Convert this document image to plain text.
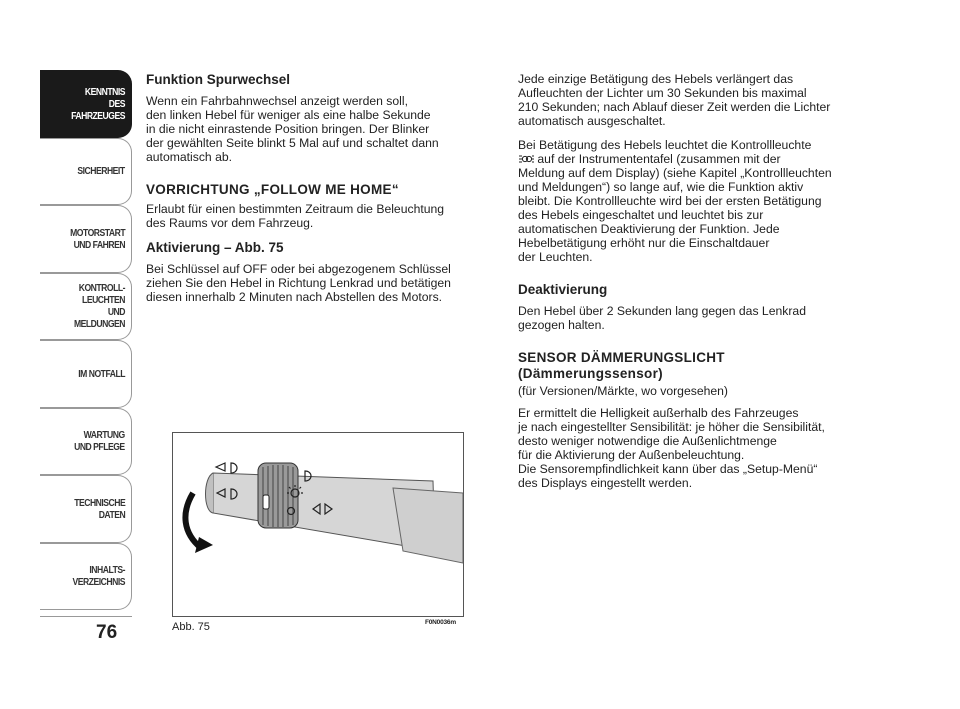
KENNTNIS
DES FAHRZEUGES
SICHERHEIT
MOTORSTART
UND FAHREN
KONTROLL-
LEUCHTEN
UND MELDUNGEN
IM NOTFALL
WARTUNG
UND PFLEGE
TECHNISCHE
DATEN
INHALTS-
VERZEICHNIS
76
Funktion Spurwechsel

Wenn ein Fahrbahnwechsel anzeigt werden soll,
den linken Hebel für weniger als eine halbe Sekunde
in die nicht einrastende Position bringen. Der Blinker
der gewählten Seite blinkt 5 Mal auf und schaltet dann
automatisch ab.

VORRICHTUNG „FOLLOW ME HOME“

Erlaubt für einen bestimmten Zeitraum die Beleuchtung
des Raums vor dem Fahrzeug.

Aktivierung – Abb. 75

Bei Schlüssel auf OFF oder bei abgezogenem Schlüssel
ziehen Sie den Hebel in Richtung Lenkrad und betätigen
diesen innerhalb 2 Minuten nach Abstellen des Motors.

Jede einzige Betätigung des Hebels verlängert das
Aufleuchten der Lichter um 30 Sekunden bis maximal
210 Sekunden; nach Ablauf dieser Zeit werden die Lichter
automatisch ausgeschaltet.

Bei Betätigung des Hebels leuchtet die Kontrollleuchte
auf der Instrumententafel (zusammen mit der
Meldung auf dem Display) (siehe Kapitel „Kontrollleuchten
und Meldungen“) so lange auf, wie die Funktion aktiv
bleibt. Die Kontrollleuchte wird bei der ersten Betätigung
des Hebels eingeschaltet und leuchtet bis zur
automatischen Deaktivierung der Funktion. Jede
Hebelbetätigung erhöht nur die Einschaltdauer
der Leuchten.

Deaktivierung

Den Hebel über 2 Sekunden lang gegen das Lenkrad
gezogen halten.

SENSOR DÄMMERUNGSLICHT
(Dämmerungssensor)

(für Versionen/Märkte, wo vorgesehen)

Er ermittelt die Helligkeit außerhalb des Fahrzeuges
je nach eingestellter Sensibilität: je höher die Sensibilität,
desto weniger notwendige die Außenlichtmenge
für die Aktivierung der Außenbeleuchtung.
Die Sensorempfindlichkeit kann über das „Setup-Menü“
des Displays eingestellt werden.

Abb. 75	F0N0036m
